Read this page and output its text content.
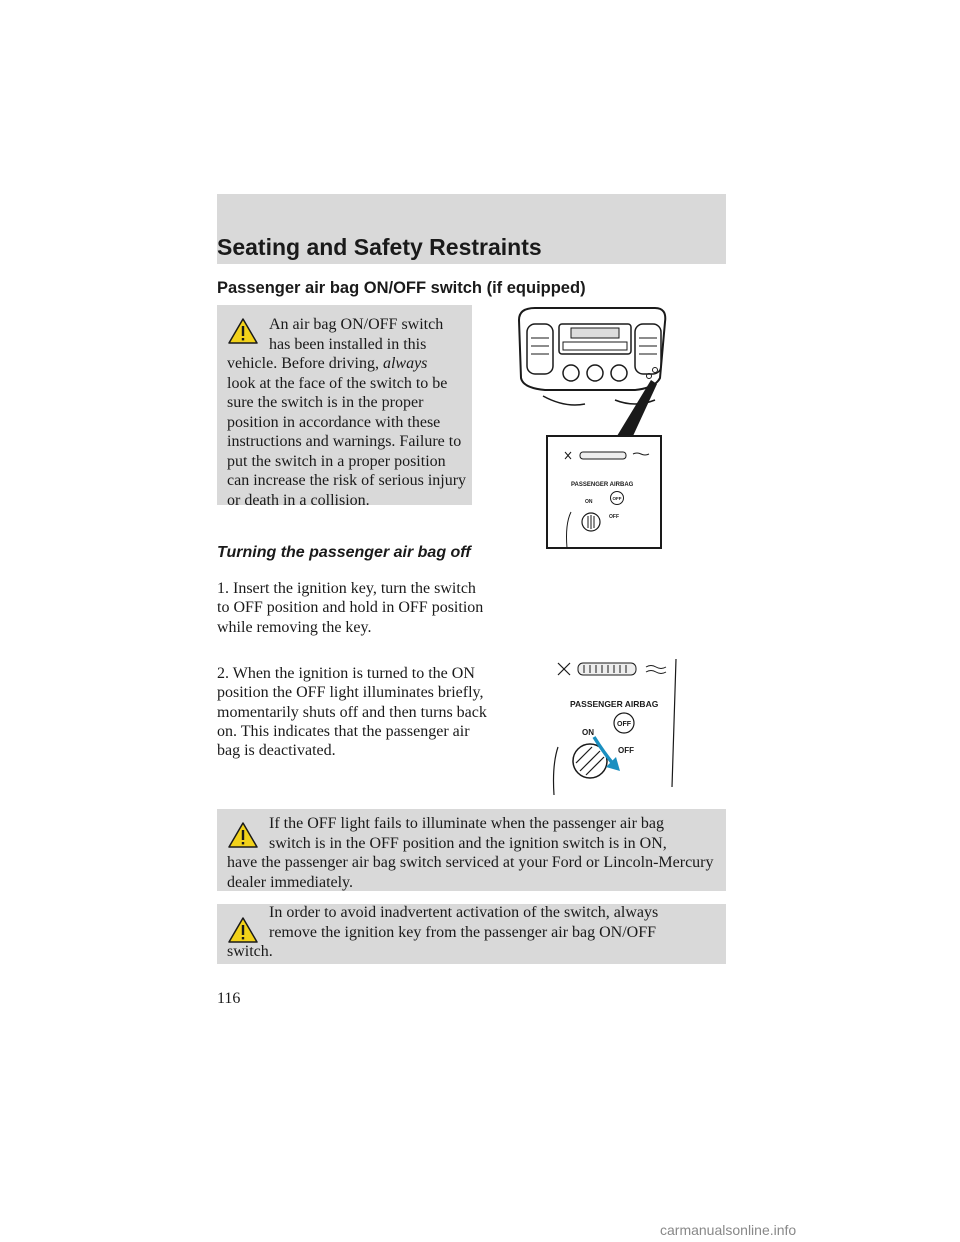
Seating and Safety Restraints
Passenger air bag ON/OFF switch (if equipped)
An air bag ON/OFF switch
has been installed in this
vehicle. Before driving, always
look at the face of the switch to be sure the switch is in the proper position in accordance with these instructions and warnings. Failure to put the switch in a proper position can increase the risk of serious injury or death in a collision.
PASSENGER AIRBAG
OFF
ON
OFF
Turning the passenger air bag off

1. Insert the ignition key, turn the switch to OFF position and hold in OFF position while removing the key.

2. When the ignition is turned to the ON position the OFF light illuminates briefly, momentarily shuts off and then turns back on. This indicates that the passenger air bag is deactivated.

PASSENGER AIRBAG
OFF
ON
OFF
If the OFF light fails to illuminate when the passenger air bag
switch is in the OFF position and the ignition switch is in ON,
have the passenger air bag switch serviced at your Ford or Lincoln-Mercury dealer immediately.
In order to avoid inadvertent activation of the switch, always
remove the ignition key from the passenger air bag ON/OFF
switch.
116
carmanualsonline.info
